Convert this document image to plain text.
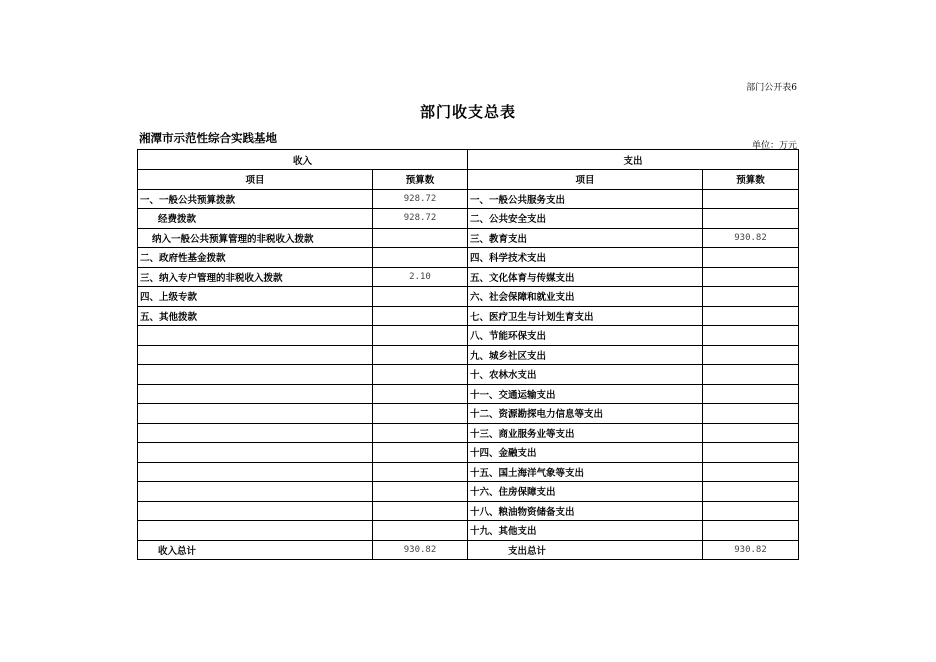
部门公开表6
部门收支总表
湘潭市示范性综合实践基地
单位：万元
收入		支出	
项目	预算数	项目	预算数
一、一般公共预算拨款	928.72	一、一般公共服务支出	
经费拨款	928.72	二、公共安全支出	
纳入一般公共预算管理的非税收入拨款		三、教育支出	930.82
二、政府性基金拨款		四、科学技术支出	
三、纳入专户管理的非税收入拨款	2.10	五、文化体育与传媒支出	
四、上级专款		六、社会保障和就业支出	
五、其他拨款		七、医疗卫生与计划生育支出	
		八、节能环保支出	
		九、城乡社区支出	
		十、农林水支出	
		十一、交通运输支出	
		十二、资源勘探电力信息等支出	
		十三、商业服务业等支出	
		十四、金融支出	
		十五、国土海洋气象等支出	
		十六、住房保障支出	
		十八、粮油物资储备支出	
		十九、其他支出	
收入总计	930.82	支出总计	930.82
